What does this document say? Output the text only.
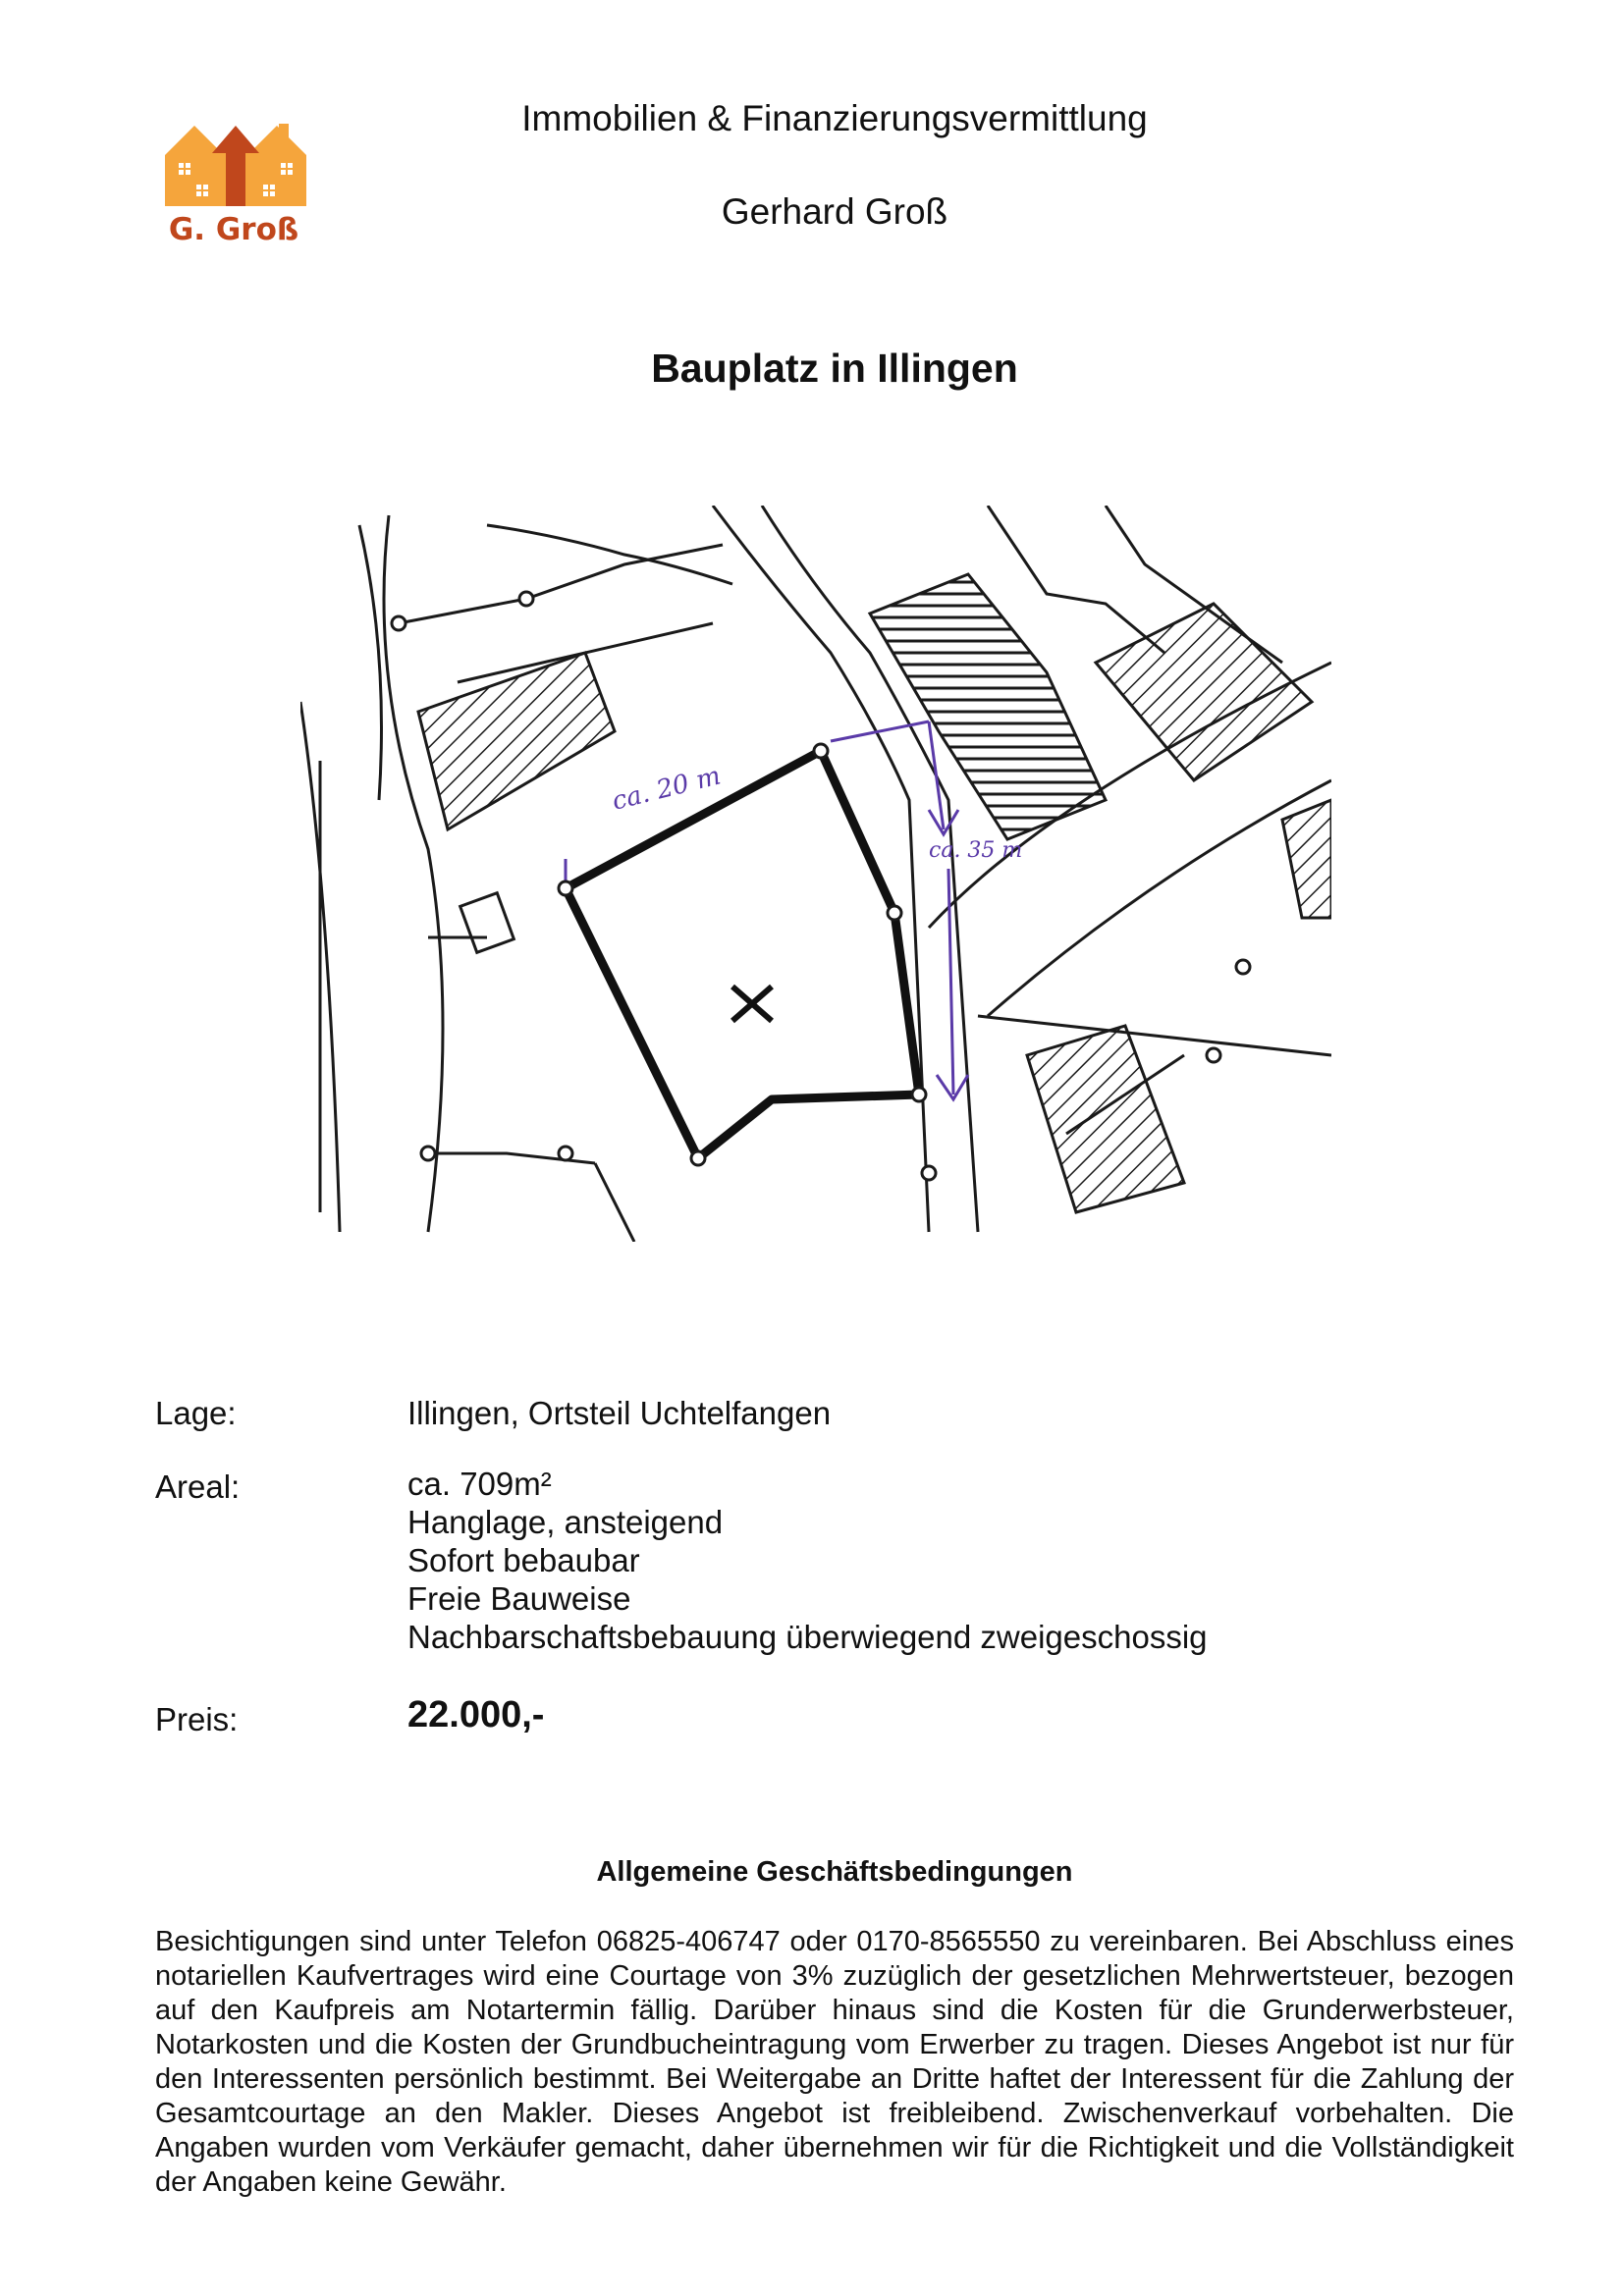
G. Groß
Immobilien & Finanzierungsvermittlung
Gerhard Groß
Bauplatz in Illingen
ca. 20 m
ca. 35 m
Lage:	Illingen, Ortsteil Uchtelfangen
Areal:	ca. 709m²
Hanglage, ansteigend
Sofort bebaubar
Freie Bauweise
Nachbarschaftsbebauung überwiegend zweigeschossig
Preis:	22.000,-
Allgemeine Geschäftsbedingungen
Besichtigungen sind unter Telefon 06825-406747 oder 0170-8565550 zu vereinbaren. Bei Abschluss eines notariellen Kaufvertrages wird eine Courtage von 3% zuzüglich der gesetzlichen Mehrwertsteuer, bezogen auf den Kaufpreis am Notartermin fällig. Darüber hinaus sind die Kosten für die Grunderwerbsteuer, Notarkosten und die Kosten der Grundbucheintragung vom Erwerber zu tragen. Dieses Angebot ist nur für den Interessenten persönlich bestimmt. Bei Weitergabe an Dritte haftet der Interessent für die Zahlung der Gesamtcourtage an den Makler. Dieses Angebot ist freibleibend. Zwischenverkauf vorbehalten. Die Angaben wurden vom Verkäufer gemacht, daher übernehmen wir für die Richtigkeit und die Vollständigkeit der Angaben keine Gewähr.
